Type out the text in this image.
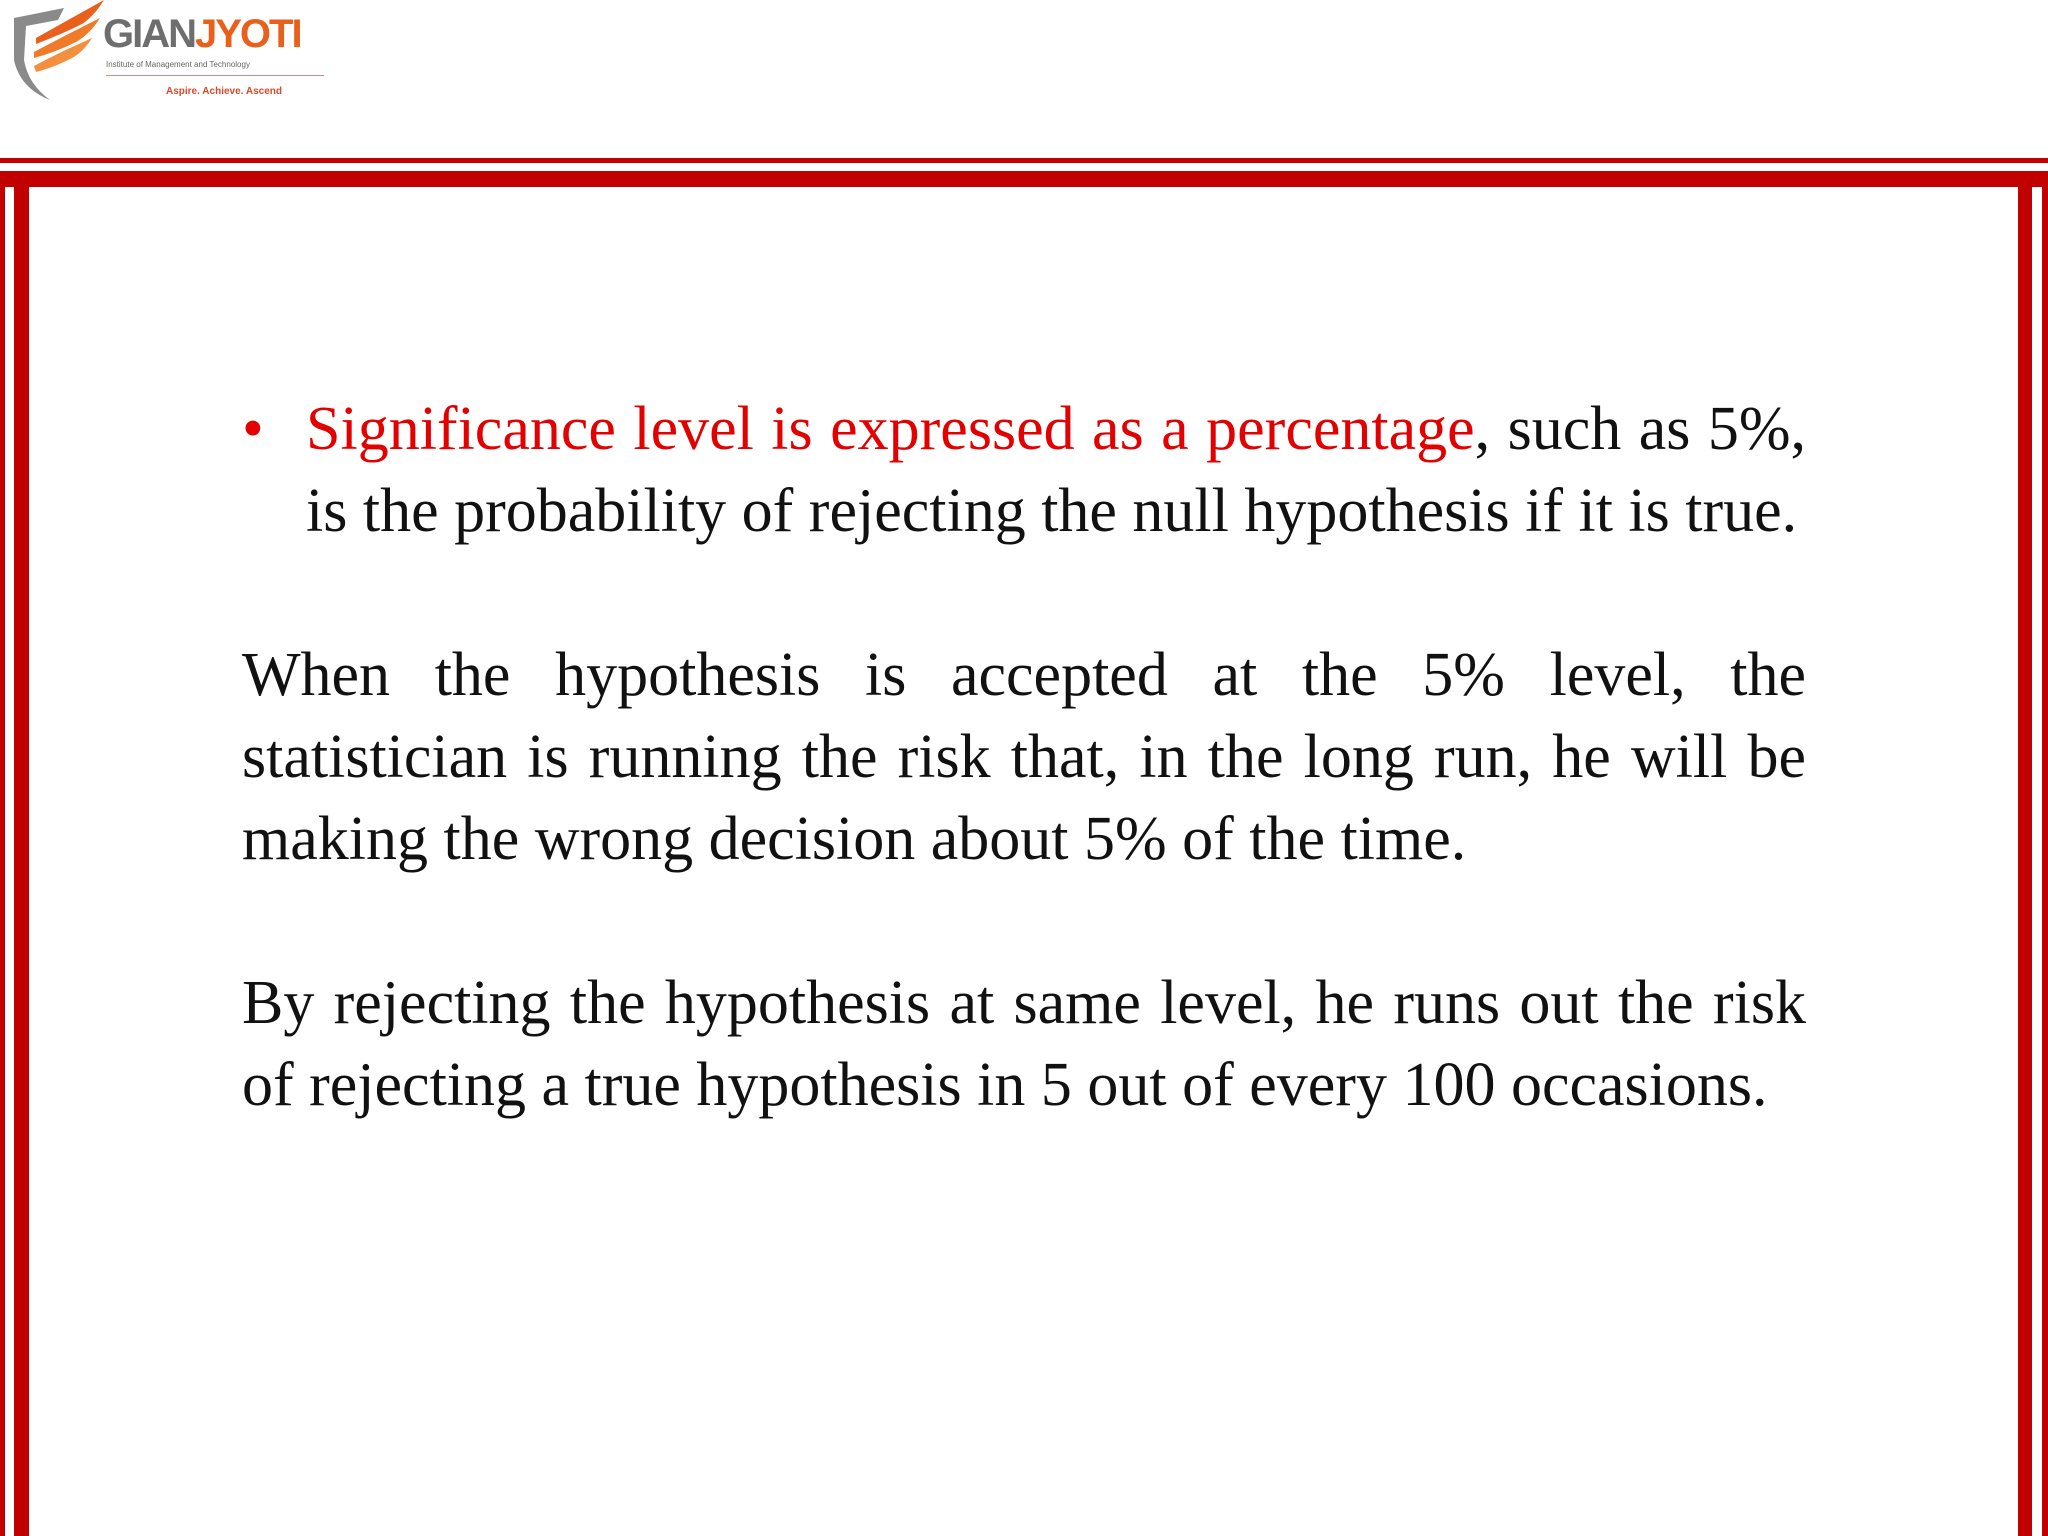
GIANJYOTI
Institute of Management and Technology
Aspire. Achieve. Ascend

• Significance level is expressed as a percentage, such as 5%, is the probability of rejecting the null hypothesis if it is true.

When the hypothesis is accepted at the 5% level, the statistician is running the risk that, in the long run, he will be making the wrong decision about 5% of the time.

By rejecting the hypothesis at same level, he runs out the risk of rejecting a true hypothesis in 5 out of every 100 occasions.
